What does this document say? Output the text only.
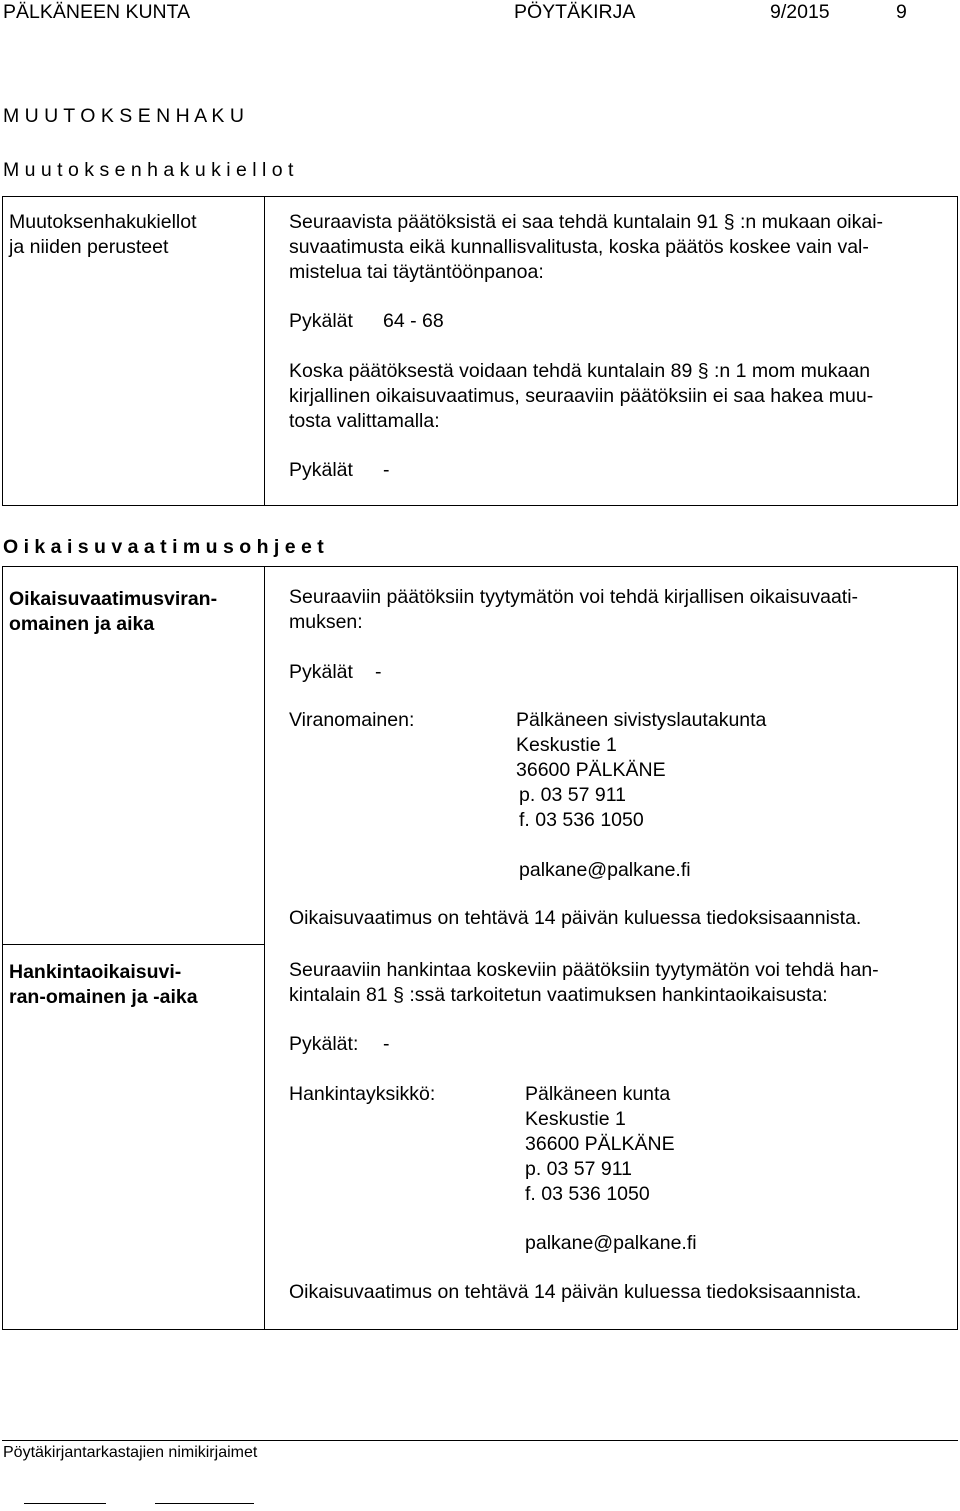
PÄLKÄNEEN KUNTA	PÖYTÄKIRJA	9/2015	9
M U U T O K S E N H A K U
M u u t o k s e n h a k u k i e l l o t
Muutoksenhakukiellot
ja niiden perusteet
Seuraavista päätöksistä ei saa tehdä kuntalain 91 § :n mukaan oikai-
suvaatimusta eikä kunnallisvalitusta, koska päätös koskee vain val-
mistelua tai täytäntöönpanoa:
Pykälät 64 - 68
Koska päätöksestä voidaan tehdä kuntalain 89 § :n 1 mom mukaan
kirjallinen oikaisuvaatimus, seuraaviin päätöksiin ei saa hakea muu-
tosta valittamalla:
Pykälät -
O i k a i s u v a a t i m u s o h j e e t
Oikaisuvaatimusviran-
omainen ja aika
Seuraaviin päätöksiin tyytymätön voi tehdä kirjallisen oikaisuvaati-
muksen:
Pykälät -
Viranomainen:	Pälkäneen sivistyslautakunta
Keskustie 1
36600 PÄLKÄNE
p. 03 57 911
f. 03 536 1050
palkane@palkane.fi
Oikaisuvaatimus on tehtävä 14 päivän kuluessa tiedoksisaannista.
Hankintaoikaisuvi-
ran-omainen ja -aika
Seuraaviin hankintaa koskeviin päätöksiin tyytymätön voi tehdä han-
kintalain 81 § :ssä tarkoitetun vaatimuksen hankintaoikaisusta:
Pykälät: -
Hankintayksikkö:	Pälkäneen kunta
Keskustie 1
36600 PÄLKÄNE
p. 03 57 911
f. 03 536 1050
palkane@palkane.fi
Oikaisuvaatimus on tehtävä 14 päivän kuluessa tiedoksisaannista.
Pöytäkirjantarkastajien nimikirjaimet
